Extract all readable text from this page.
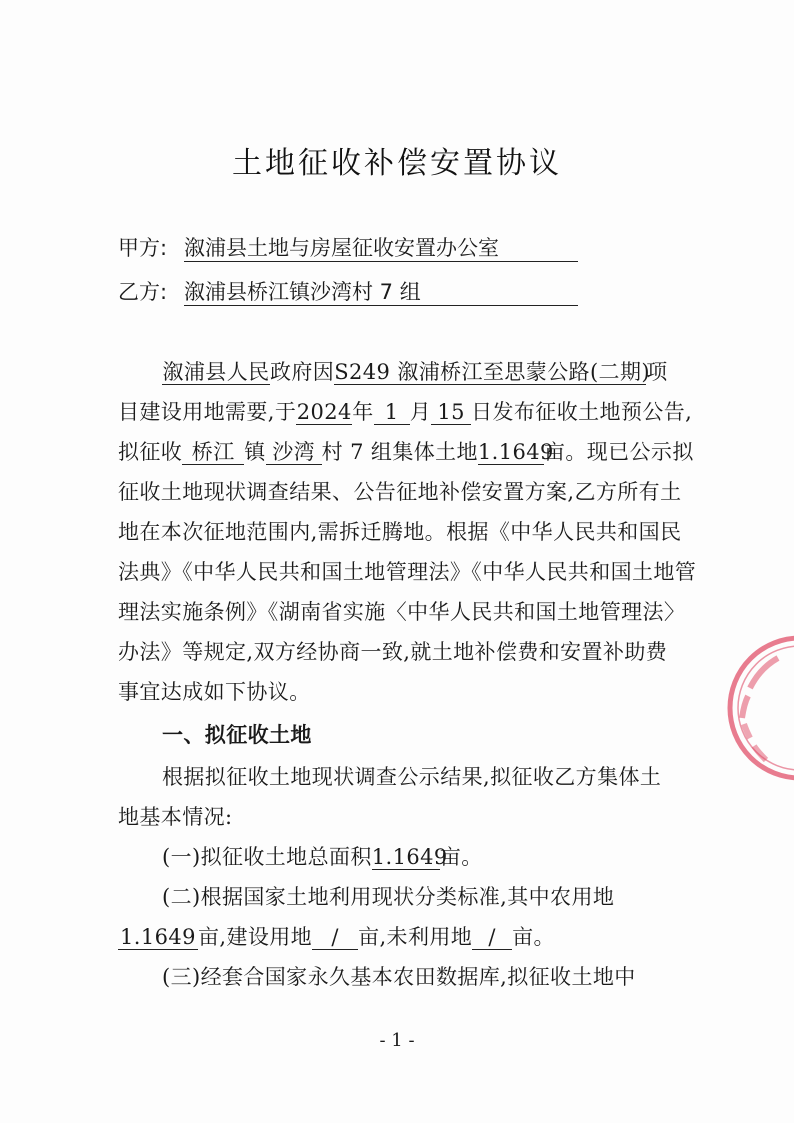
土地征收补偿安置协议
甲方: 溆浦县土地与房屋征收安置办公室
乙方: 溆浦县桥江镇沙湾村 7 组
溆浦县人民政府因S249 溆浦桥江至思蒙公路(二期)项
目建设用地需要,于2024年 1 月 15 日发布征收土地预公告,
拟征收 桥江 镇 沙湾 村 7 组集体土地1.1649亩。现已公示拟
征收土地现状调查结果、公告征地补偿安置方案,乙方所有土
地在本次征地范围内,需拆迁腾地。根据《中华人民共和国民
法典》《中华人民共和国土地管理法》《中华人民共和国土地管
理法实施条例》《湖南省实施〈中华人民共和国土地管理法〉
办法》等规定,双方经协商一致,就土地补偿费和安置补助费
事宜达成如下协议。
一、拟征收土地
根据拟征收土地现状调查公示结果,拟征收乙方集体土
地基本情况:
(一)拟征收土地总面积1.1649亩。
(二)根据国家土地利用现状分类标准,其中农用地
1.1649亩,建设用地 / 亩,未利用地 / 亩。
(三)经套合国家永久基本农田数据库,拟征收土地中
- 1 -
